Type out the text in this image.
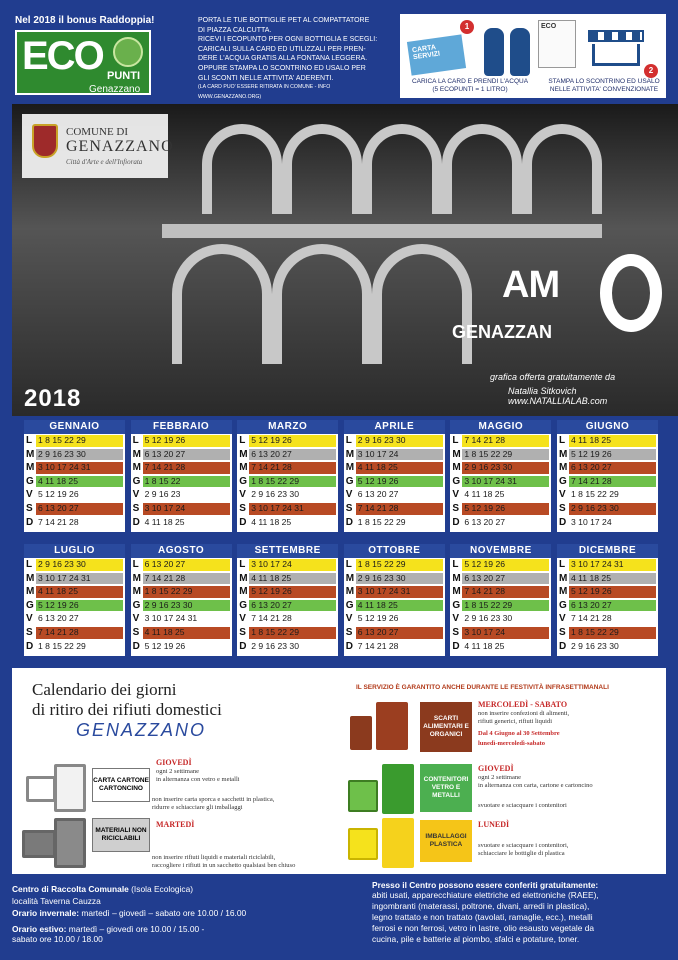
Nel 2018 il bonus Raddoppia!
ECO PUNTI
Genazzano

PORTA LE TUE BOTTIGLIE PET AL COMPATTATORE

DI PIAZZA CALCUTTA.

RICEVI I ECOPUNTO PER OGNI BOTTIGLIA E SCEGLI:

CARICALI SULLA CARD ED UTILIZZALI PER PREN-

DERE L'ACQUA GRATIS ALLA FONTANA LEGGERA.

OPPURE STAMPA LO SCONTRINO ED USALO PER

GLI SCONTI NELLE ATTIVITA' ADERENTI.

(LA CARD PUO' ESSERE RITIRATA IN COMUNE - INFO WWW.GENAZZANO.ORG)

CARTA SERVIZI
1	ECO
2
CARICA LA CARD E PRENDI L'ACQUA
(5 ECOPUNTI = 1 LITRO)
STAMPA LO SCONTRINO ED USALO
NELLE ATTIVITA' CONVENZIONATE
COMUNE DI
GENAZZANO
Città d'Arte e dell'Infiorata
AM
GENAZZAN
grafica offerta gratuitamente da
Natallia Sitkovich
www.NATALLIALAB.com
2018
GENNAIO
L 1 8 15 22 29
M 2 9 16 23 30
M 3 10 17 24 31
G 4 11 18 25
V 5 12 19 26
S 6 13 20 27
D 7 14 21 28
FEBBRAIO
L 5 12 19 26
M 6 13 20 27
M 7 14 21 28
G 1 8 15 22
V 2 9 16 23
S 3 10 17 24
D 4 11 18 25
MARZO
L 5 12 19 26
M 6 13 20 27
M 7 14 21 28
G 1 8 15 22 29
V 2 9 16 23 30
S 3 10 17 24 31
D 4 11 18 25
APRILE
L 2 9 16 23 30
M 3 10 17 24
M 4 11 18 25
G 5 12 19 26
V 6 13 20 27
S 7 14 21 28
D 1 8 15 22 29
MAGGIO
L 7 14 21 28
M 1 8 15 22 29
M 2 9 16 23 30
G 3 10 17 24 31
V 4 11 18 25
S 5 12 19 26
D 6 13 20 27
GIUGNO
L 4 11 18 25
M 5 12 19 26
M 6 13 20 27
G 7 14 21 28
V 1 8 15 22 29
S 2 9 16 23 30
D 3 10 17 24
LUGLIO
L 2 9 16 23 30
M 3 10 17 24 31
M 4 11 18 25
G 5 12 19 26
V 6 13 20 27
S 7 14 21 28
D 1 8 15 22 29
AGOSTO
L 6 13 20 27
M 7 14 21 28
M 1 8 15 22 29
G 2 9 16 23 30
V 3 10 17 24 31
S 4 11 18 25
D 5 12 19 26
SETTEMBRE
L 3 10 17 24
M 4 11 18 25
M 5 12 19 26
G 6 13 20 27
V 7 14 21 28
S 1 8 15 22 29
D 2 9 16 23 30
OTTOBRE
L 1 8 15 22 29
M 2 9 16 23 30
M 3 10 17 24 31
G 4 11 18 25
V 5 12 19 26
S 6 13 20 27
D 7 14 21 28
NOVEMBRE
L 5 12 19 26
M 6 13 20 27
M 7 14 21 28
G 1 8 15 22 29
V 2 9 16 23 30
S 3 10 17 24
D 4 11 18 25
DICEMBRE
L 3 10 17 24 31
M 4 11 18 25
M 5 12 19 26
G 6 13 20 27
V 7 14 21 28
S 1 8 15 22 29
D 2 9 16 23 30
Calendario dei giorni
di ritiro dei rifiuti domestici
GENAZZANO
IL SERVIZIO È GARANTITO ANCHE DURANTE LE FESTIVITÀ INFRASETTIMANALI
CARTA CARTONE CARTONCINO
GIOVEDÌ
ogni 2 settimane
in alternanza con vetro e metalli
non inserire carta sporca e sacchetti in plastica,
ridurre e schiacciare gli imballaggi
MATERIALI NON RICICLABILI
MARTEDÌ
non inserire rifiuti liquidi e materiali riciclabili,
raccogliere i rifiuti in un sacchetto qualsiasi ben chiuso
SCARTI ALIMENTARI E ORGANICI
MERCOLEDÌ - SABATO
non inserire confezioni di alimenti,
rifiuti generici, rifiuti liquidi
Dal 4 Giugno al 30 Settembre
lunedì-mercoledì-sabato
CONTENITORI VETRO E METALLI
GIOVEDÌ
ogni 2 settimane
in alternanza con carta, cartone e cartoncino
svuotare e sciacquare i contenitori
IMBALLAGGI PLASTICA
LUNEDÌ
svuotare e sciacquare i contenitori,
schiacciare le bottiglie di plastica
Centro di Raccolta Comunale (Isola Ecologica)
località Taverna Cauzza
Orario invernale: martedì – giovedì – sabato ore 10.00 / 16.00
Orario estivo: martedì – giovedì ore 10.00 / 15.00 -
sabato ore 10.00 / 18.00
Presso il Centro possono essere conferiti gratuitamente:
abiti usati, apparecchiature elettriche ed elettroniche (RAEE),
ingombranti (materassi, poltrone, divani, arredi in plastica),
legno trattato e non trattato (tavolati, ramaglie, ecc.), metalli
ferrosi e non ferrosi, vetro in lastre, olio esausto vegetale da
cucina, pile e batterie al piombo, sfalci e potature, toner.
